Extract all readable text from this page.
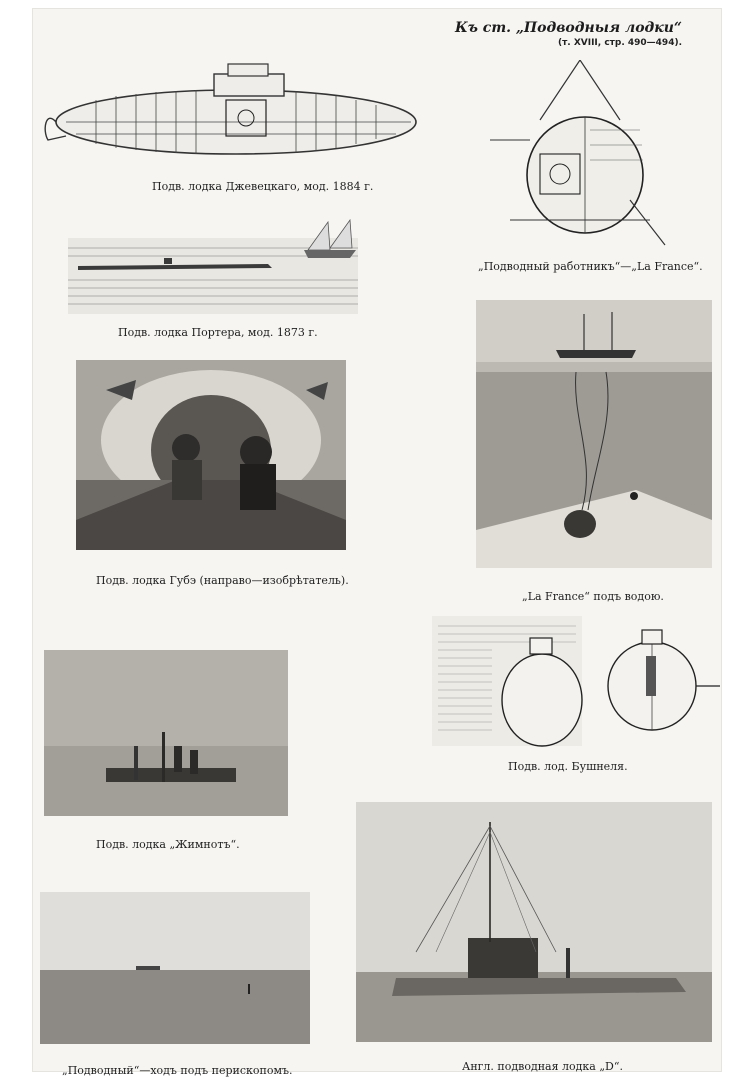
Къ ст. „Подводныя лодки“
(т. XVIII, стр. 490—494).
Подв. лодка Джевецкаго, мод. 1884 г.
Подв. лодка Портера, мод. 1873 г.
Подв. лодка Губэ (направо—изобрѣтатель).
Подв. лодка „Жимнотъ“.
„Подводный“—ходъ подъ перископомъ.
„Подводный работникъ“—„La France“.
„La France“ подъ водою.
Подв. лод. Бушнеля.
Англ. подводная лодка „D“.
